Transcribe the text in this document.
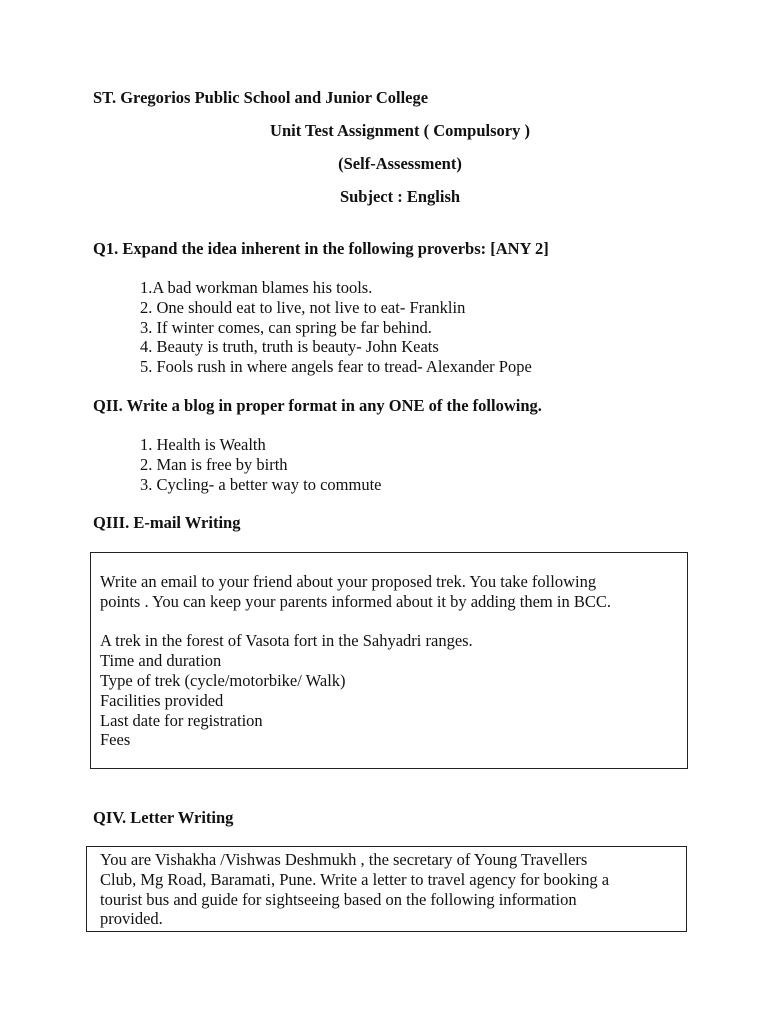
ST. Gregorios Public School and Junior College
Unit Test Assignment ( Compulsory )
(Self-Assessment)
Subject : English
Q1. Expand the idea inherent in the following proverbs: [ANY 2]
1.A bad workman blames his tools.
2. One should eat to live, not live to eat- Franklin
3. If winter comes, can spring be far behind.
4. Beauty is truth, truth is beauty- John Keats
5. Fools rush in where angels fear to tread- Alexander Pope
QII. Write a blog in proper format in any ONE of the following.
1. Health is Wealth
2. Man is free by birth
3. Cycling- a better way to commute
QIII. E-mail Writing

Write an email to your friend about your proposed trek. You take following

points . You can keep your parents informed about it by adding them in BCC.

A trek in the forest of Vasota fort in the Sahyadri ranges.

Time and duration

Type of trek (cycle/motorbike/ Walk)

Facilities provided

Last date for registration

Fees

QIV. Letter Writing

You are Vishakha /Vishwas Deshmukh , the secretary of Young Travellers

Club, Mg Road, Baramati, Pune. Write a letter to travel agency for booking a

tourist bus and guide for sightseeing based on the following information

provided.
